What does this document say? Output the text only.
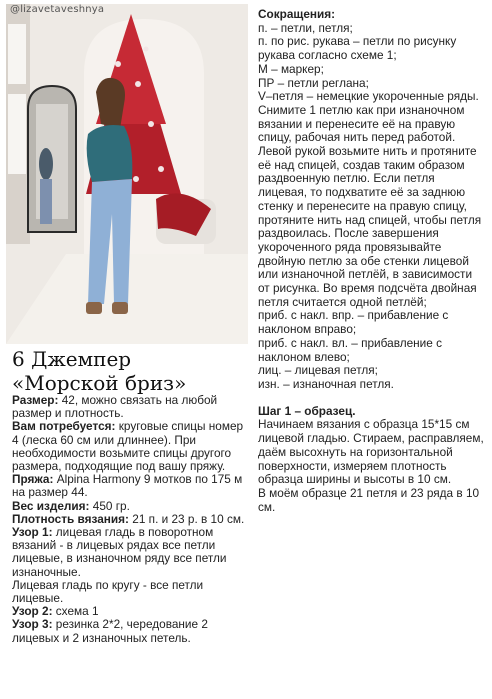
@lizavetaveshnya
6 Джемпер
«Морской бриз»

Размер: 42, можно связать на любой размер и плотность.

Вам потребуется: круговые спицы номер 4 (леска 60 см или длиннее). При необходимости возьмите спицы другого размера, подходящие под вашу пряжу.

Пряжа: Alpina Harmony 9 мотков по 175 м на размер 44.

Вес изделия: 450 гр.

Плотность вязания: 21 п. и 23 р. в 10 см.

Узор 1: лицевая гладь в поворотном вязаний - в лицевых рядах все петли лицевые, в изнаночном ряду все петли изнаночные.

Лицевая гладь по кругу - все петли лицевые.

Узор 2: схема 1

Узор 3: резинка 2*2, чередование 2 лицевых и 2 изнаночных петель.

Сокращения:

п. – петли, петля;

п. по рис. рукава – петли по рисунку рукава согласно схеме 1;

М – маркер;

ПР – петли реглана;

V–петля – немецкие укороченные ряды. Снимите 1 петлю как при изнаночном вязании и перенесите её на правую спицу, рабочая нить перед работой. Левой рукой возьмите нить и протяните её над спицей, создав таким образом раздвоенную петлю. Если петля лицевая, то подхватите её за заднюю стенку и перенесите на правую спицу, протяните нить над спицей, чтобы петля раздвоилась. После завершения укороченного ряда провязывайте двойную петлю за обе стенки лицевой или изнаночной петлёй, в зависимости от рисунка. Во время подсчёта двойная петля считается одной петлёй;

приб. с накл. впр. – прибавление с наклоном вправо;

приб. с накл. вл. – прибавление с наклоном влево;

лиц. – лицевая петля;

изн. – изнаночная петля.

Шаг 1 – образец.

Начинаем вязания с образца 15*15 см лицевой гладью. Стираем, расправляем, даём высохнуть на горизонтальной поверхности, измеряем плотность образца ширины и высоты в 10 см.

В моём образце 21 петля и 23 ряда в 10 см.
